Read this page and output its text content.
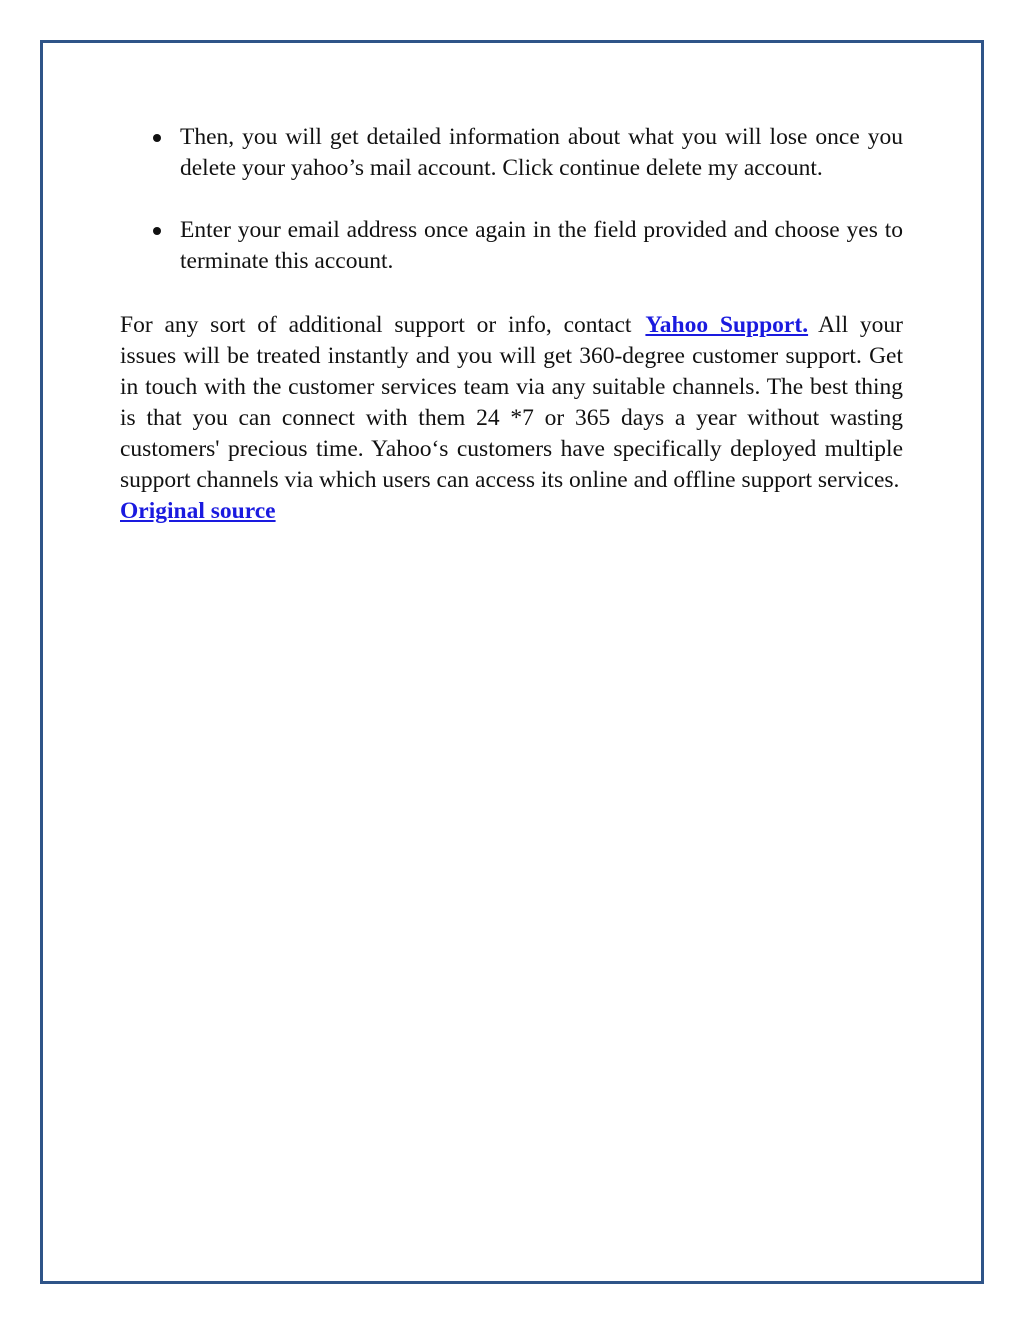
Then, you will get detailed information about what you will lose once you delete your yahoo’s mail account. Click continue delete my account.
Enter your email address once again in the field provided and choose yes to terminate this account.

For any sort of additional support or info, contact Yahoo Support. All your issues will be treated instantly and you will get 360-degree customer support. Get in touch with the customer services team via any suitable channels. The best thing is that you can connect with them 24 *7 or 365 days a year without wasting customers' precious time. Yahoo‘s customers have specifically deployed multiple support channels via which users can access its online and offline support services.

Original source
